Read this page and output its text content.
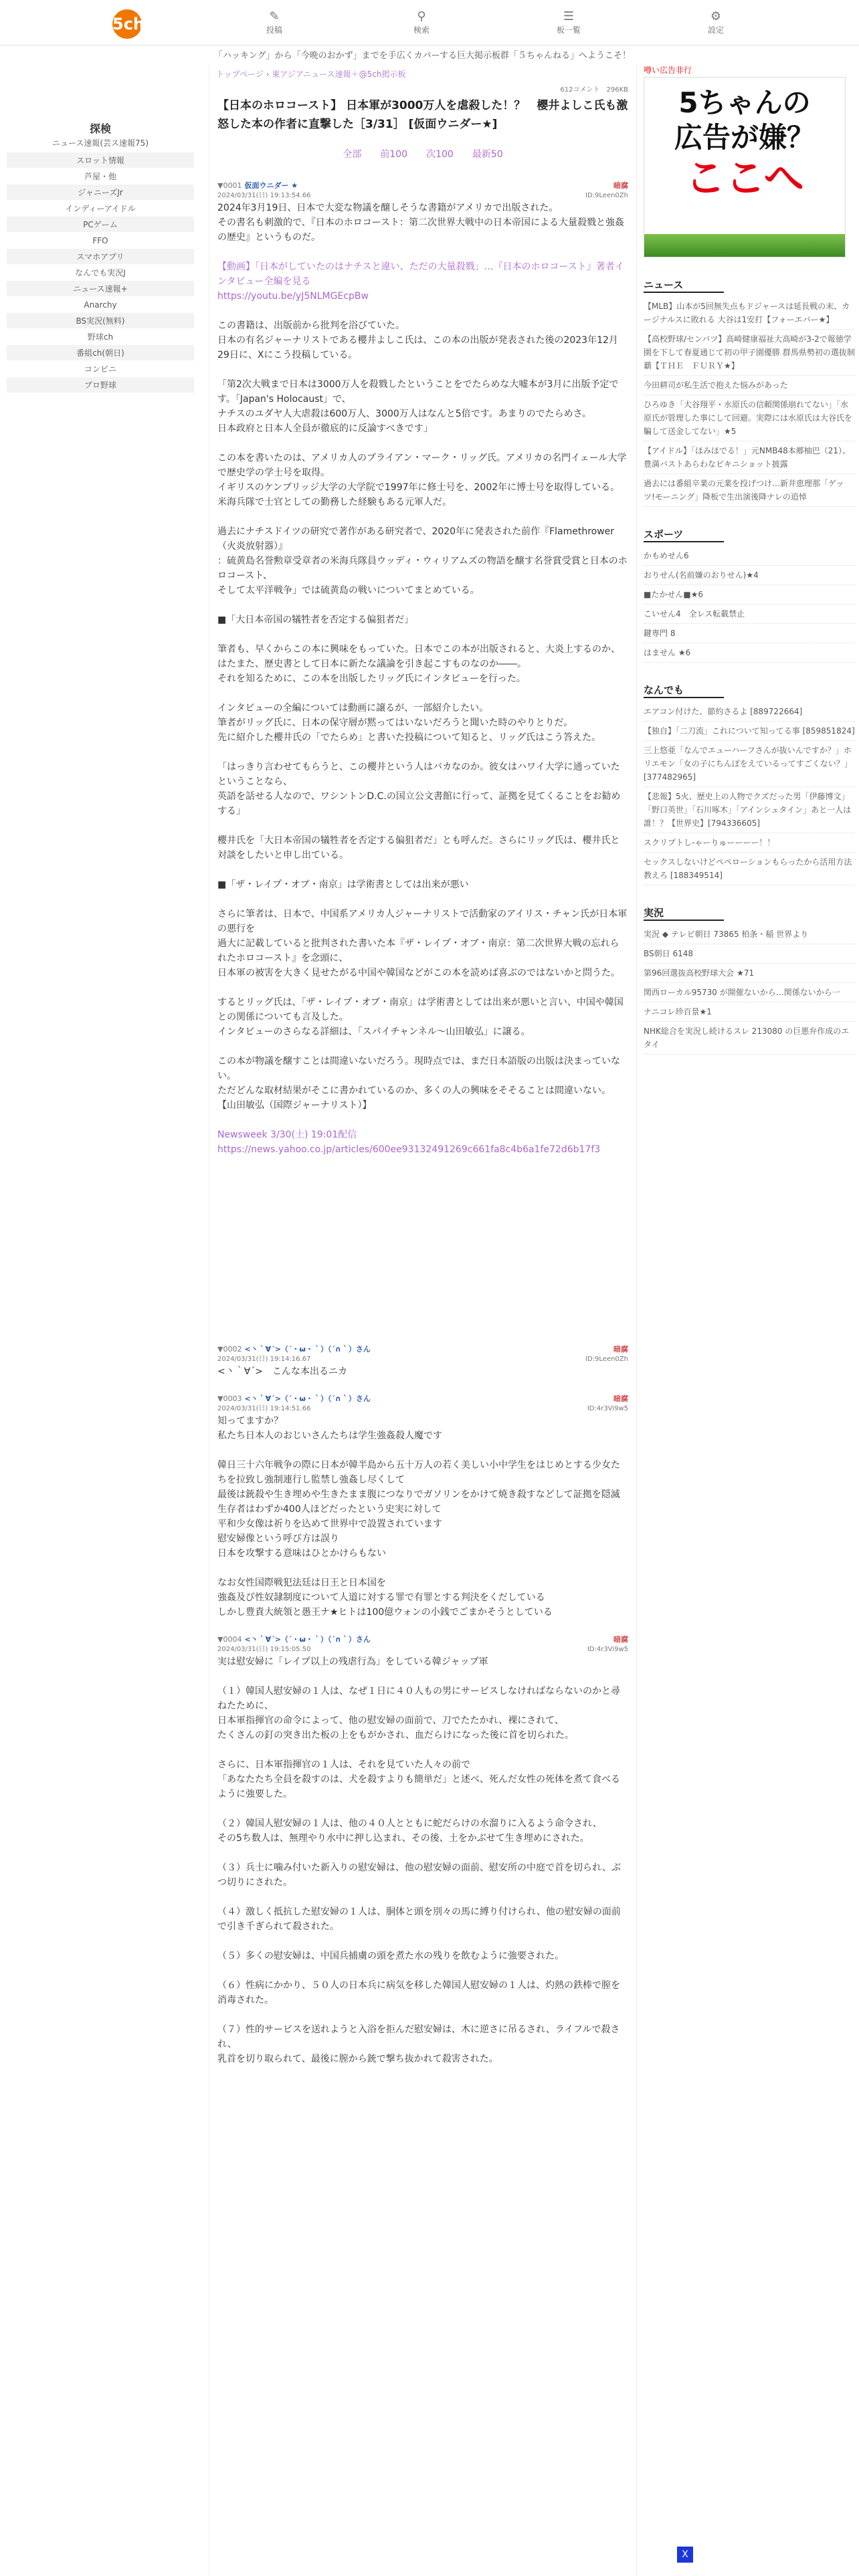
5ch	✎
投稿
⚲
検索
☰
板一覧
⚙
設定
「ハッキング」から「今晩のおかず」までを手広くカバーする巨大掲示板群「５ちゃんねる」へようこそ！
探検
ニュース速報(芸ス速報75)
スロット情報
芦屋・他
ジャニーズJr
インディーアイドル
PCゲーム
FFO
スマホアプリ
なんでも実況J
ニュース速報+
Anarchy
BS実況(無料)
野球ch
番組ch(朝日)
コンビニ
プロ野球
トップページ › 東アジアニュース速報＋@5ch掲示板
612コメント　296KB
【日本のホロコースト】 日本軍が3000万人を虐殺した！？　櫻井よしこ氏も激怒した本の作者に直撃した［3/31］ [仮面ウニダー★]
全部 前100 次100 最新50
▼0001 仮面ウニダー ★	暗腐
2024/03/31(日) 19:13:54.66	ID:9Leen0Zh

2024年3月19日、日本で大変な物議を醸しそうな書籍がアメリカで出版された。
その書名も刺激的で、『日本のホロコースト：第二次世界大戦中の日本帝国による大量殺戮と強姦の歴史』というものだ。

【動画】「日本がしていたのはナチスと違い、ただの大量殺戮」…『日本のホロコースト』著者インタビュー全編を見る
https://youtu.be/yJ5NLMGEcpBw

この書籍は、出版前から批判を浴びていた。
日本の有名ジャーナリストである櫻井よしこ氏は、この本の出版が発表された後の2023年12月29日に、Xにこう投稿している。

「第2次大戦まで日本は3000万人を殺戮したということをでたらめな大嘘本が3月に出版予定です。「Japan's Holocaust」で、
ナチスのユダヤ人大虐殺は600万人、3000万人はなんと5倍です。あまりのでたらめさ。
日本政府と日本人全員が徹底的に反論すべきです」

この本を書いたのは、アメリカ人のブライアン・マーク・リッグ氏。アメリカの名門イェール大学で歴史学の学士号を取得。
イギリスのケンブリッジ大学の大学院で1997年に修士号を、2002年に博士号を取得している。
米海兵隊で士官としての勤務した経験もある元軍人だ。

過去にナチスドイツの研究で著作がある研究者で、2020年に発表された前作『Flamethrower（火炎放射器）』
：硫黄島名誉勲章受章者の米海兵隊員ウッディ・ウィリアムズの物語を醸す名誉賞受賞と日本のホロコースト、
そして太平洋戦争」では硫黄島の戦いについてまとめている。

■「大日本帝国の犠牲者を否定する偏狙者だ」

筆者も、早くからこの本に興味をもっていた。日本でこの本が出版されると、大炎上するのか、
はたまた、歴史書として日本に新たな議論を引き起こすものなのか――。
それを知るために、この本を出版したリッグ氏にインタビューを行った。

インタビューの全編については動画に譲るが、一部紹介したい。
筆者がリッグ氏に、日本の保守層が黙ってはいないだろうと聞いた時のやりとりだ。
先に紹介した櫻井氏の「でたらめ」と書いた投稿について知ると、リッグ氏はこう答えた。

「はっきり言わせてもらうと、この櫻井という人はバカなのか。彼女はハワイ大学に通っていたということなら、
英語を話せる人なので、ワシントンD.C.の国立公文書館に行って、証拠を見てくることをお勧めする」

櫻井氏を「大日本帝国の犠牲者を否定する偏狙者だ」とも呼んだ。さらにリッグ氏は、櫻井氏と対談をしたいと申し出ている。

■「ザ・レイプ・オブ・南京」は学術書としては出来が悪い

さらに筆者は、日本で、中国系アメリカ人ジャーナリストで活動家のアイリス・チャン氏が日本軍の悪行を
過大に記載していると批判された書いた本『ザ・レイプ・オブ・南京：第二次世界大戦の忘れられたホロコースト』を念頭に、
日本軍の被害を大きく見せたがる中国や韓国などがこの本を読めば喜ぶのではないかと問うた。

するとリッグ氏は、「ザ・レイプ・オブ・南京」は学術書としては出来が悪いと言い、中国や韓国との関係についても言及した。
インタビューのさらなる詳細は、「スパイチャンネル～山田敏弘」に譲る。

この本が物議を醸すことは間違いないだろう。現時点では、まだ日本語版の出版は決まっていない。
ただどんな取材結果がそこに書かれているのか、多くの人の興味をそそることは間違いない。
【山田敏弘（国際ジャーナリスト）】

Newsweek 3/30(土) 19:01配信
https://news.yahoo.co.jp/articles/600ee93132491269c661fa8c4b6a1fe72d6b17f3

▼0002 <丶｀∀´>（´・ω・｀）（´∩｀）さん	暗腐
2024/03/31(日) 19:14:16.67	ID:9Leen0Zh

<丶｀∀´>　こんな本出るニカ

▼0003 <丶｀∀´>（´・ω・｀）（´∩｀）さん	暗腐
2024/03/31(日) 19:14:51.66	ID:4r3Vi9w5

知ってますか？
私たち日本人のおじいさんたちは学生強姦殺人魔です

韓日三十六年戦争の際に日本が韓半島から五十万人の若く美しい小中学生をはじめとする少女たちを拉致し強制連行し監禁し強姦し尽くして
最後は銃殺や生き埋めや生きたまま腹につなりでガソリンをかけて焼き殺すなどして証拠を隠滅
生存者はわずか400人ほどだったという史実に対して
平和少女像は祈りを込めて世界中で設置されています
慰安婦像という呼び方は誤り
日本を攻撃する意味はひとかけらもない

なお女性国際戦犯法廷は日王と日本国を
強姦及び性奴隷制度について人道に対する罪で有罪とする判決をくだしている
しかし豊責大統領と愚王ナ★ヒトは100億ウォンの小銭でごまかそうとしている

▼0004 <丶｀∀´>（´・ω・｀）（´∩｀）さん	暗腐
2024/03/31(日) 19:15:05.50	ID:4r3Vi9w5

実は慰安婦に「レイプ以上の残虐行為」をしている韓ジャップ軍

（１）韓国人慰安婦の１人は、なぜ１日に４０人もの男にサービスしなければならないのかと尋ねたために、
日本軍指揮官の命令によって、他の慰安婦の面前で、刀でたたかれ、裸にされて、
たくさんの釘の突き出た板の上をもがかされ、血だらけになった後に首を切られた。

さらに、日本軍指揮官の１人は、それを見ていた人々の前で
「あなたたち全員を殺すのは、犬を殺すよりも簡単だ」と述べ、死んだ女性の死体を煮て食べるように強要した。

（２）韓国人慰安婦の１人は、他の４０人とともに蛇だらけの水溜りに入るよう命令され、
その5ち数人は、無理やり水中に押し込まれ、その後、土をかぶせて生き埋めにされた。

（３）兵士に噛み付いた新入りの慰安婦は、他の慰安婦の面前、慰安所の中庭で首を切られ、ぶつ切りにされた。

（４）激しく抵抗した慰安婦の１人は、胴体と頭を別々の馬に縛り付けられ、他の慰安婦の面前で引き千ぎられて殺された。

（５）多くの慰安婦は、中国兵捕虜の頭を煮た水の残りを飲むように強要された。

（６）性病にかかり、５０人の日本兵に病気を移した韓国人慰安婦の１人は、灼熱の鉄棒で膣を消毒された。

（７）性的サービスを送れようと入浴を拒んだ慰安婦は、木に逆さに吊るされ、ライフルで殺され、
乳首を切り取られて、最後に膣から銃で撃ち抜かれて殺害された。

噂い広告非行
5ちゃんの
広告が嫌？
ここへ
ニュース
【MLB】山本が5回無失点もドジャースは延長戦の末、カージナルスに敗れる 大谷は1安打【フォーエバー★】
【高校野球/センバツ】高崎健康福祉大高崎が3-2で報徳学園を下して春夏通じて初の甲子園優勝 群馬県勢初の選抜制覇【ＴＨＥ　ＦＵＲＹ★】
今田耕司が私生活で抱えた悩みがあった
ひろゆき「大谷翔平・水原氏の信頼関係崩れてない」「水原氏が管理した事にして回避。実際には水原氏は大谷氏を騙して送金してない」★5
【アイドル】「ほみほでる！」元NMB48本郷柚巴（21）、豊満バストあらわなビキニショット披露
過去には番組卒業の元業を投げつけ…新井恵理那「ゲッツ!モーニング」降板で生出演後降ナレの追悼
スポーツ
かもめせん6
おりせん(名前嫌のおりせん)★4
■たかせん■★6
こいせん4　全レス転載禁止
鍵専門 8
はません ★6
なんでも
エアコン付けた、節約さるよ [889722664]
【独自】「二刀流」これについて知ってる事 [859851824]
三上悠亜「なんでエューハーフさんが抜いんですか？」ホリエモン「女の子にちんぽをえているってすごくない？」[377482965]
【悲報】5火、歴史上の人物でクズだった男「伊藤博文」「野口英世」「石川啄木」「アインシュタイン」あと一人は誰！？【世界史】[794336605]
スクリプトし-ゃーりゅーーーー！！
セックスしないけどペペローションもらったから活用方法教えろ [188349514]
実況
実況 ◆ テレビ朝日 73865 柏条・稲 世界より
BS朝日 6148
第96回選抜高校野球大会 ★71
関西ローカル95730 が開催ないから…関係ないから一
ナニコレ珍百景★1
NHK総合を実況し続けるスレ 213080 の巨悪弁作成のエタイ
X
